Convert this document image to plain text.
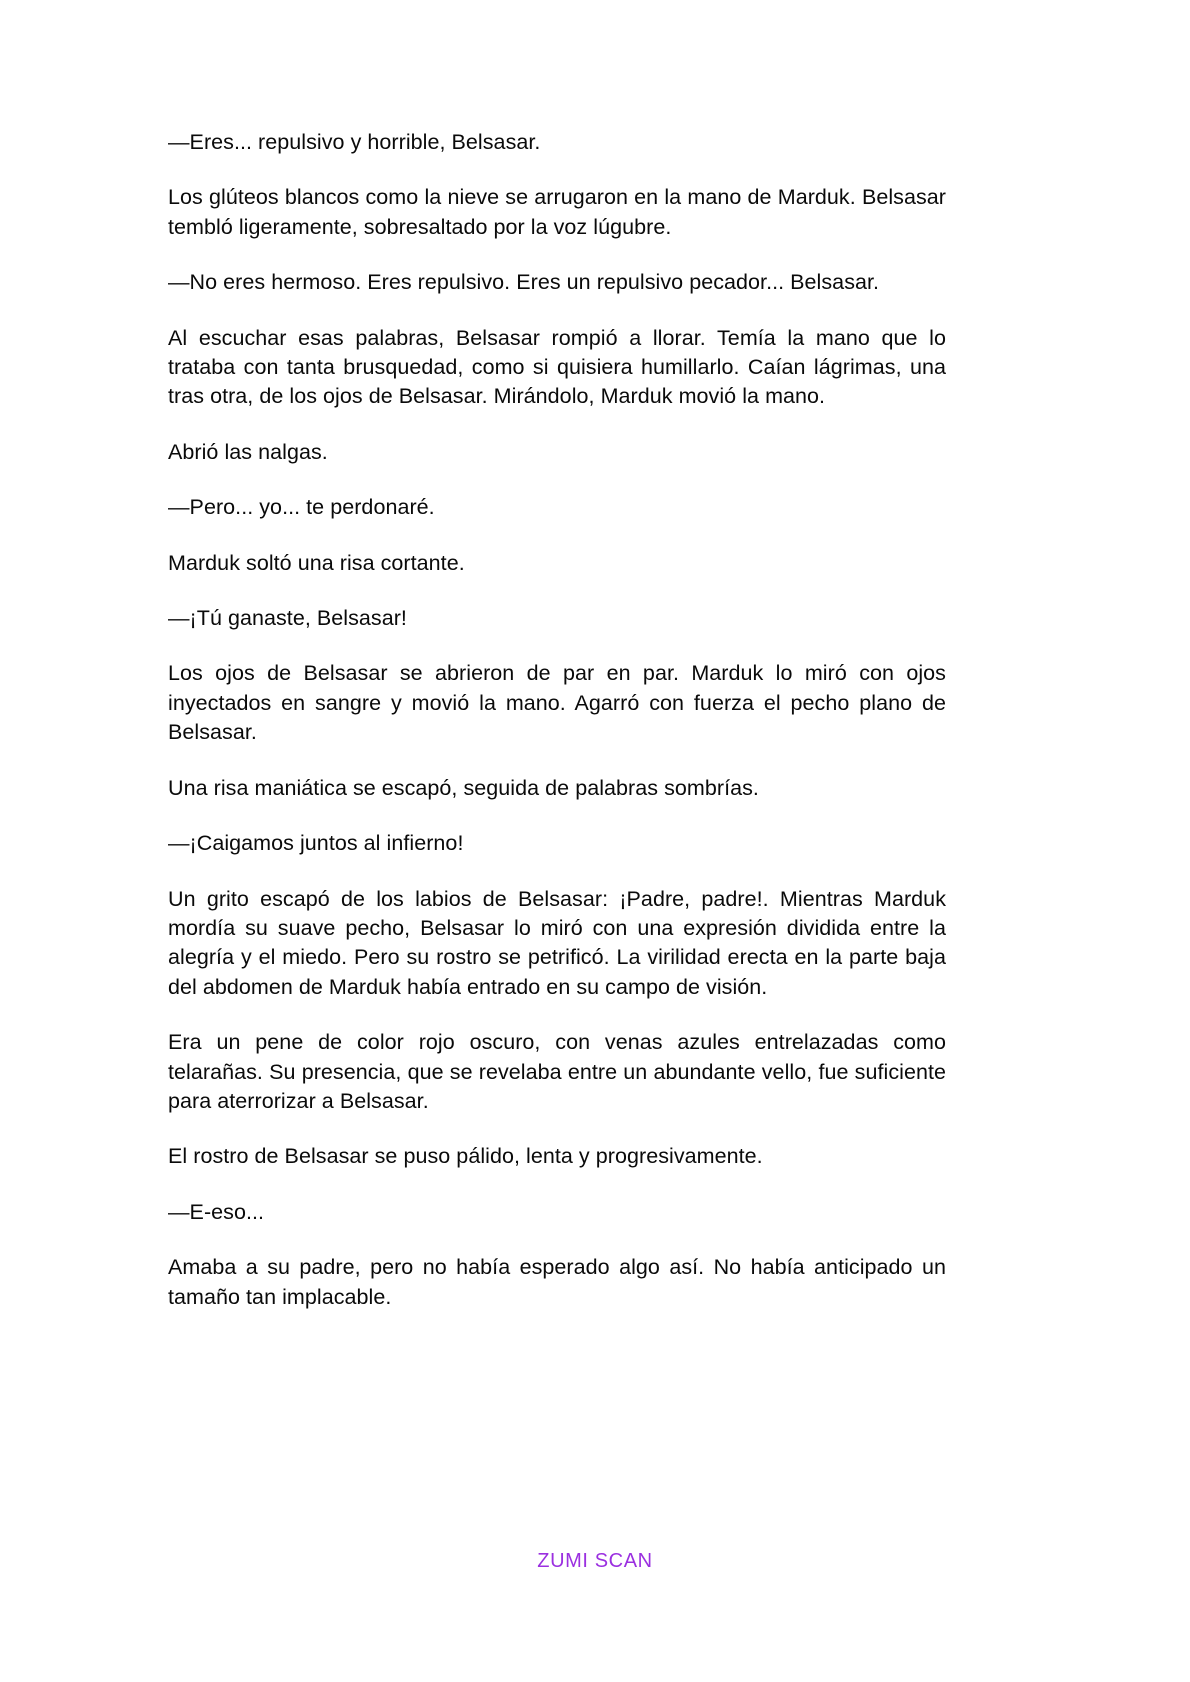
—Eres... repulsivo y horrible, Belsasar.

Los glúteos blancos como la nieve se arrugaron en la mano de Marduk. Belsasar tembló ligeramente, sobresaltado por la voz lúgubre.

—No eres hermoso. Eres repulsivo. Eres un repulsivo pecador... Belsasar.

Al escuchar esas palabras, Belsasar rompió a llorar. Temía la mano que lo trataba con tanta brusquedad, como si quisiera humillarlo. Caían lágrimas, una tras otra, de los ojos de Belsasar. Mirándolo, Marduk movió la mano.

Abrió las nalgas.

—Pero... yo... te perdonaré.

Marduk soltó una risa cortante.

—¡Tú ganaste, Belsasar!

Los ojos de Belsasar se abrieron de par en par. Marduk lo miró con ojos inyectados en sangre y movió la mano. Agarró con fuerza el pecho plano de Belsasar.

Una risa maniática se escapó, seguida de palabras sombrías.

—¡Caigamos juntos al infierno!

Un grito escapó de los labios de Belsasar: ¡Padre, padre!. Mientras Marduk mordía su suave pecho, Belsasar lo miró con una expresión dividida entre la alegría y el miedo. Pero su rostro se petrificó. La virilidad erecta en la parte baja del abdomen de Marduk había entrado en su campo de visión.

Era un pene de color rojo oscuro, con venas azules entrelazadas como telarañas. Su presencia, que se revelaba entre un abundante vello, fue suficiente para aterrorizar a Belsasar.

El rostro de Belsasar se puso pálido, lenta y progresivamente.

—E-eso...

Amaba a su padre, pero no había esperado algo así. No había anticipado un tamaño tan implacable.

ZUMI SCAN
